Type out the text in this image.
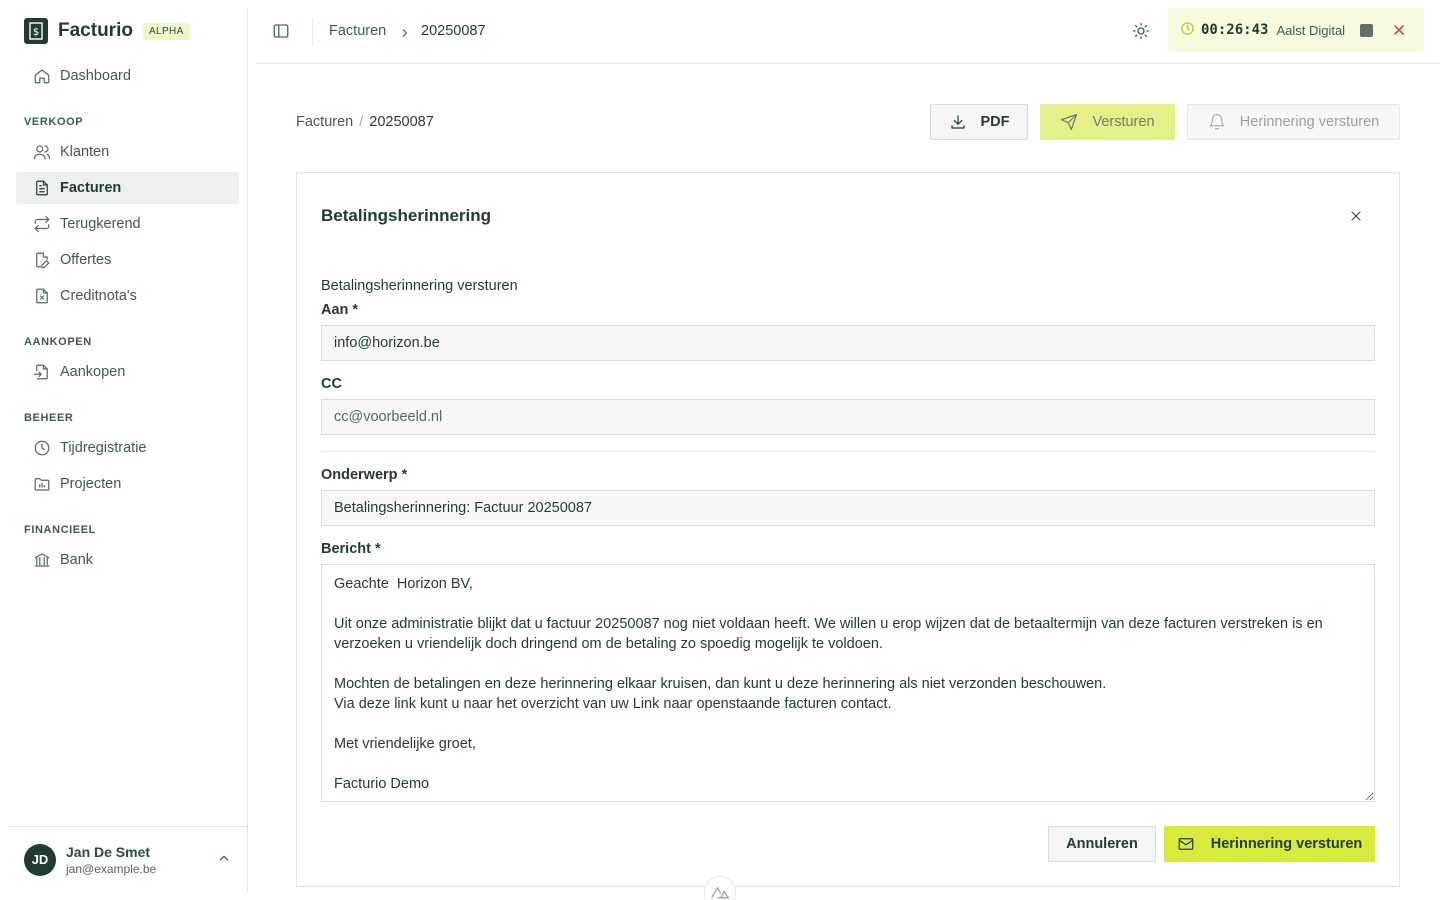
$ Facturio	ALPHA
Dashboard
VERKOOP
Klanten
Facturen
Terugkerend
Offertes
Creditnota's
AANKOPEN
Aankopen
BEHEER
Tijdregistratie
Projecten
FINANCIEEL
Bank
JD	Jan De Smet
jan@example.be
Facturen 20250087	00:26:43 Aalst Digital
Facturen / 20250087	PDF	Versturen	Herinnering versturen
Betalingsherinnering
Betalingsherinnering versturen
Aan *
info@horizon.be
CC
cc@voorbeeld.nl
Onderwerp *
Betalingsherinnering: Factuur 20250087
Bericht *
Geachte Horizon BV, Uit onze administratie blijkt dat u factuur 20250087 nog niet voldaan heeft. We willen u erop wijzen dat de betaaltermijn van deze facturen verstreken is en verzoeken u vriendelijk doch dringend om de betaling zo spoedig mogelijk te voldoen. Mochten de betalingen en deze herinnering elkaar kruisen, dan kunt u deze herinnering als niet verzonden beschouwen. Via deze link kunt u naar het overzicht van uw Link naar openstaande facturen contact. Met vriendelijke groet, Facturio Demo
Annuleren	Herinnering versturen
